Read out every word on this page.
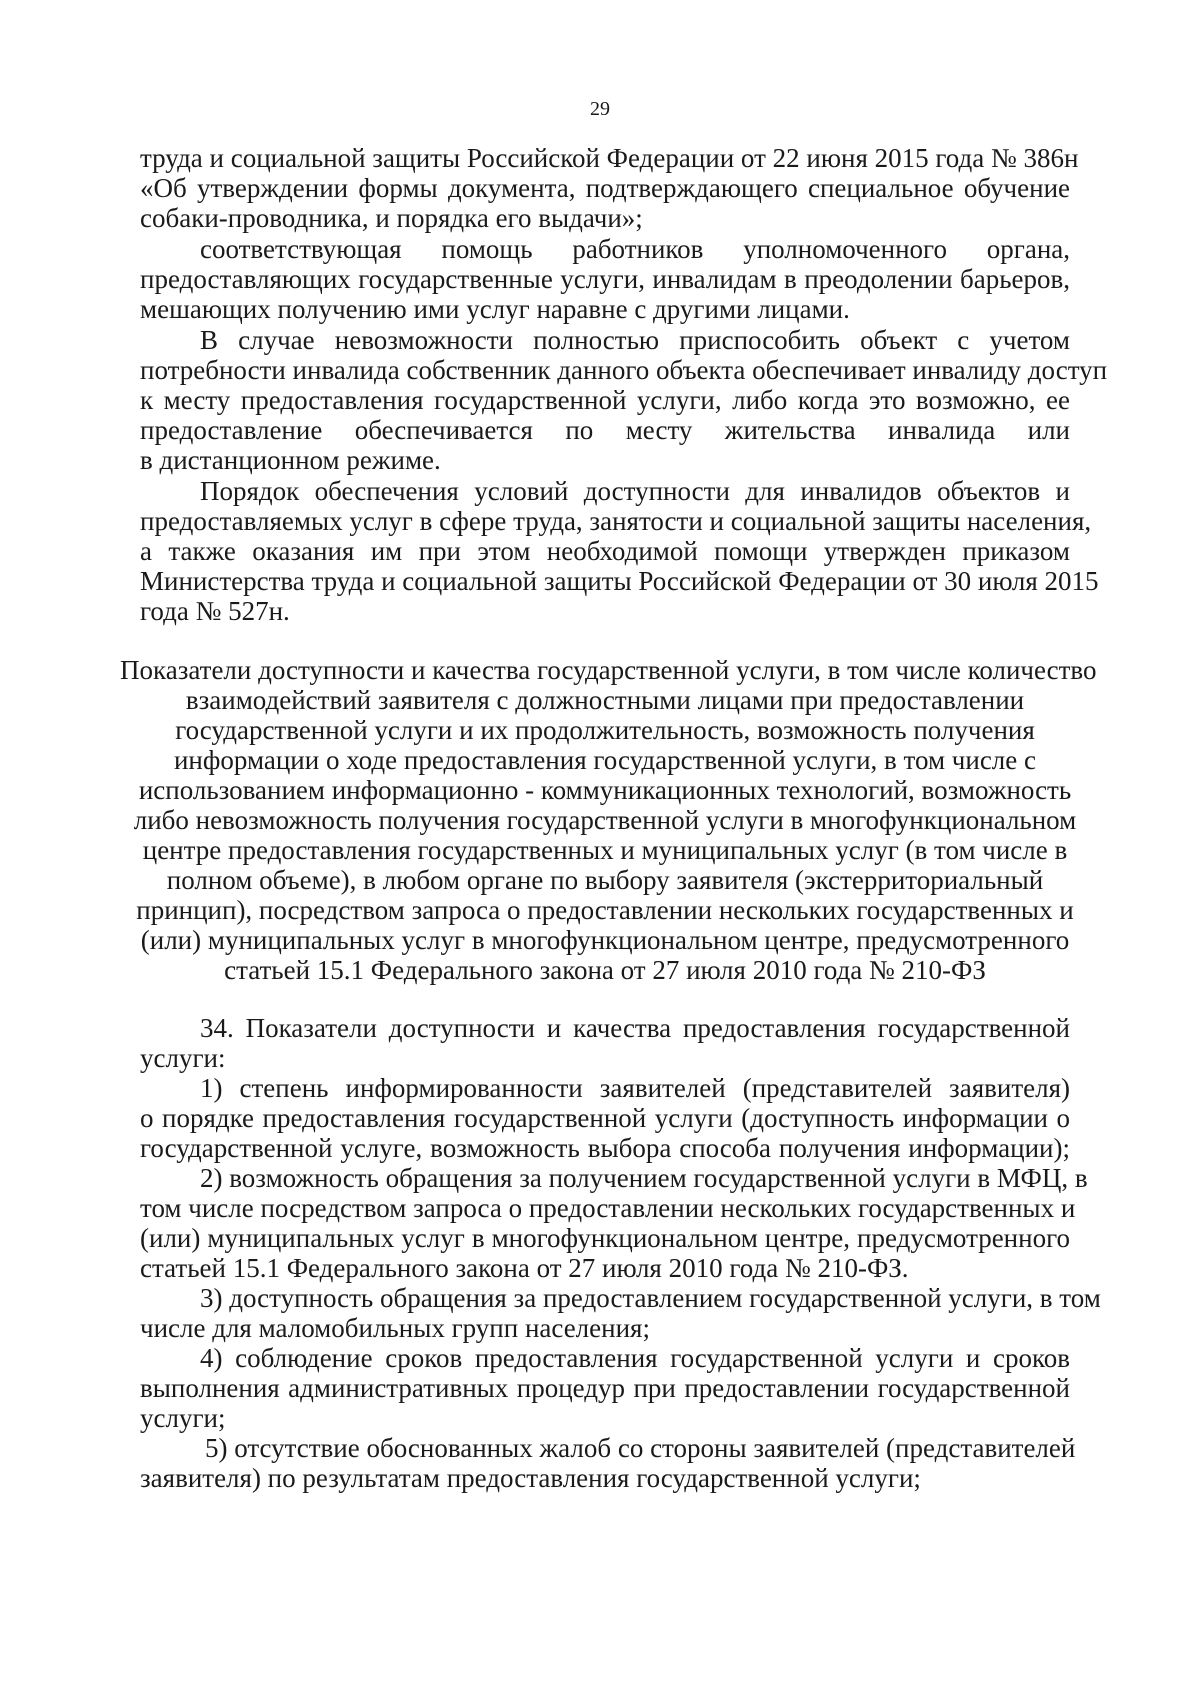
29
труда и социальной защиты Российской Федерации от 22 июня 2015 года № 386н
«Об утверждении формы документа, подтверждающего специальное обучение
собаки-проводника, и порядка его выдачи»;
соответствующая помощь работников уполномоченного органа,
предоставляющих государственные услуги, инвалидам в преодолении барьеров,
мешающих получению ими услуг наравне с другими лицами.
В случае невозможности полностью приспособить объект с учетом
потребности инвалида собственник данного объекта обеспечивает инвалиду доступ
к месту предоставления государственной услуги, либо когда это возможно, ее
предоставление обеспечивается по месту жительства инвалида или
в дистанционном режиме.
Порядок обеспечения условий доступности для инвалидов объектов и
предоставляемых услуг в сфере труда, занятости и социальной защиты населения,
а также оказания им при этом необходимой помощи утвержден приказом
Министерства труда и социальной защиты Российской Федерации от 30 июля 2015
года № 527н.
Показатели доступности и качества государственной услуги, в том числе количество
взаимодействий заявителя с должностными лицами при предоставлении
государственной услуги и их продолжительность, возможность получения
информации о ходе предоставления государственной услуги, в том числе с
использованием информационно - коммуникационных технологий, возможность
либо невозможность получения государственной услуги в многофункциональном
центре предоставления государственных и муниципальных услуг (в том числе в
полном объеме), в любом органе по выбору заявителя (экстерриториальный
принцип), посредством запроса о предоставлении нескольких государственных и
(или) муниципальных услуг в многофункциональном центре, предусмотренного
статьей 15.1 Федерального закона от 27 июля 2010 года № 210-ФЗ
34. Показатели доступности и качества предоставления государственной
услуги:
1) степень информированности заявителей (представителей заявителя)
о порядке предоставления государственной услуги (доступность информации о
государственной услуге, возможность выбора способа получения информации);
2) возможность обращения за получением государственной услуги в МФЦ, в
том числе посредством запроса о предоставлении нескольких государственных и
(или) муниципальных услуг в многофункциональном центре, предусмотренного
статьей 15.1 Федерального закона от 27 июля 2010 года № 210-ФЗ.
3) доступность обращения за предоставлением государственной услуги, в том
числе для маломобильных групп населения;
4) соблюдение сроков предоставления государственной услуги и сроков
выполнения административных процедур при предоставлении государственной
услуги;
5) отсутствие обоснованных жалоб со стороны заявителей (представителей
заявителя) по результатам предоставления государственной услуги;
